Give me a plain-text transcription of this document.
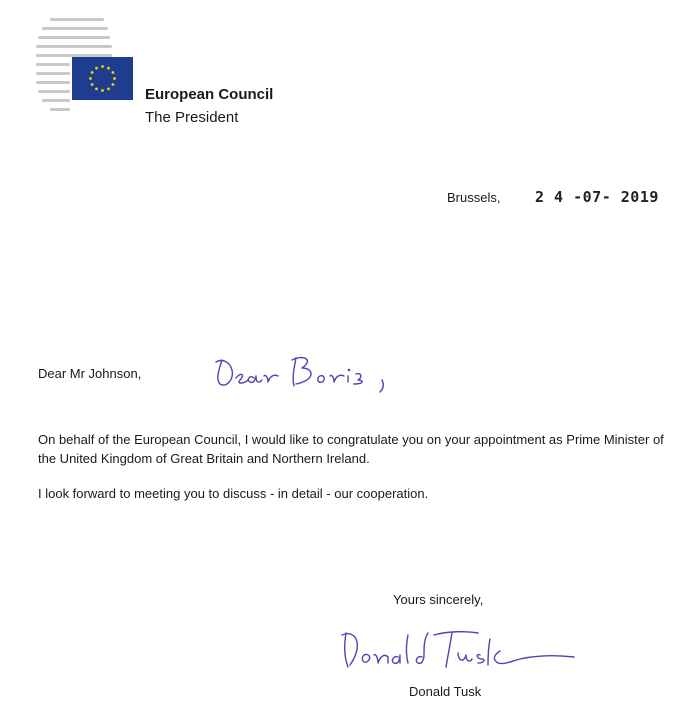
European Council
The President
Brussels, 2 4 -07- 2019
Dear Mr Johnson,
On behalf of the European Council, I would like to congratulate you on your appointment as Prime Minister of the United Kingdom of Great Britain and Northern Ireland.
I look forward to meeting you to discuss - in detail - our cooperation.
Yours sincerely,
Donald Tusk
